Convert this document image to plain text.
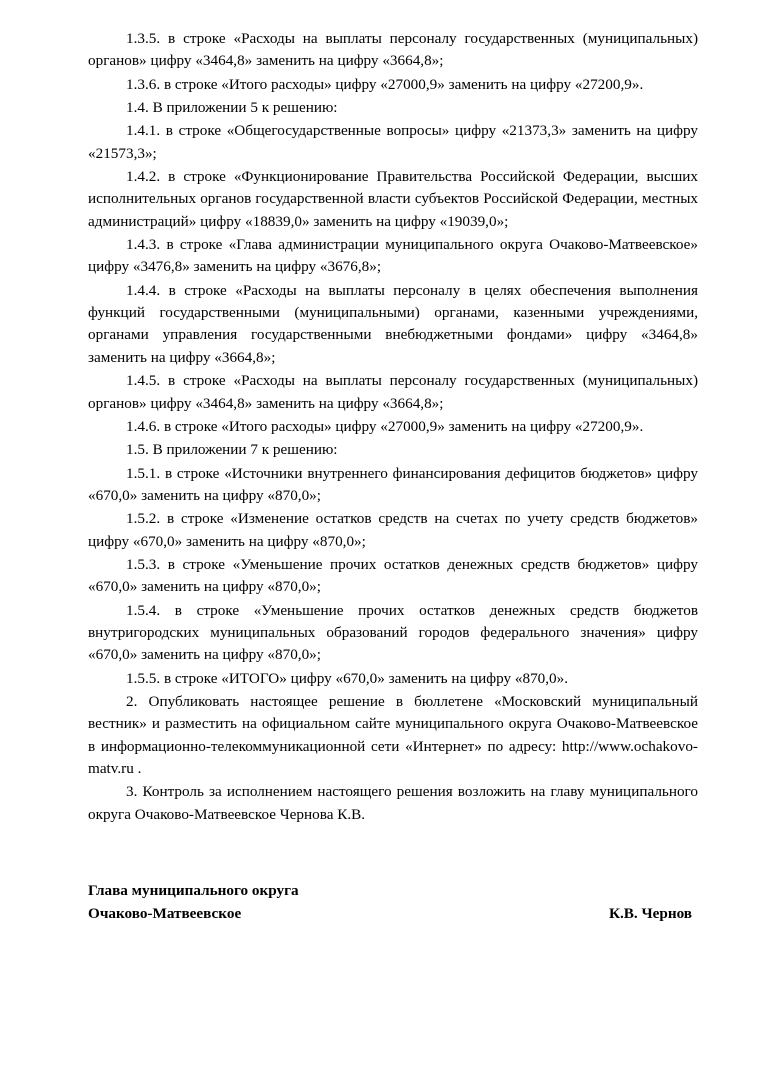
1.3.5. в строке «Расходы на выплаты персоналу государственных (муниципальных) органов» цифру «3464,8» заменить на цифру «3664,8»;

1.3.6. в строке «Итого расходы» цифру «27000,9» заменить на цифру «27200,9».

1.4. В приложении 5 к решению:

1.4.1. в строке «Общегосударственные вопросы» цифру «21373,3» заменить на цифру «21573,3»;

1.4.2. в строке «Функционирование Правительства Российской Федерации, высших исполнительных органов государственной власти субъектов Российской Федерации, местных администраций» цифру «18839,0» заменить на цифру «19039,0»;

1.4.3. в строке «Глава администрации муниципального округа Очаково-Матвеевское» цифру «3476,8» заменить на цифру «3676,8»;

1.4.4. в строке «Расходы на выплаты персоналу в целях обеспечения выполнения функций государственными (муниципальными) органами, казенными учреждениями, органами управления государственными внебюджетными фондами» цифру «3464,8» заменить на цифру «3664,8»;

1.4.5. в строке «Расходы на выплаты персоналу государственных (муниципальных) органов» цифру «3464,8» заменить на цифру «3664,8»;

1.4.6. в строке «Итого расходы» цифру «27000,9» заменить на цифру «27200,9».

1.5. В приложении 7 к решению:

1.5.1. в строке «Источники внутреннего финансирования дефицитов бюджетов» цифру «670,0» заменить на цифру «870,0»;

1.5.2. в строке «Изменение остатков средств на счетах по учету средств бюджетов» цифру «670,0» заменить на цифру «870,0»;

1.5.3. в строке «Уменьшение прочих остатков денежных средств бюджетов» цифру «670,0» заменить на цифру «870,0»;

1.5.4. в строке «Уменьшение прочих остатков денежных средств бюджетов внутригородских муниципальных образований городов федерального значения» цифру «670,0» заменить на цифру «870,0»;

1.5.5. в строке «ИТОГО» цифру «670,0» заменить на цифру «870,0».

2. Опубликовать настоящее решение в бюллетене «Московский муниципальный вестник» и разместить на официальном сайте муниципального округа Очаково-Матвеевское в информационно-телекоммуникационной сети «Интернет» по адресу: http://www.ochakovo-matv.ru .

3. Контроль за исполнением настоящего решения возложить на главу муниципального округа Очаково-Матвеевское Чернова К.В.

Глава муниципального округа
Очаково-Матвеевское	К.В. Чернов
